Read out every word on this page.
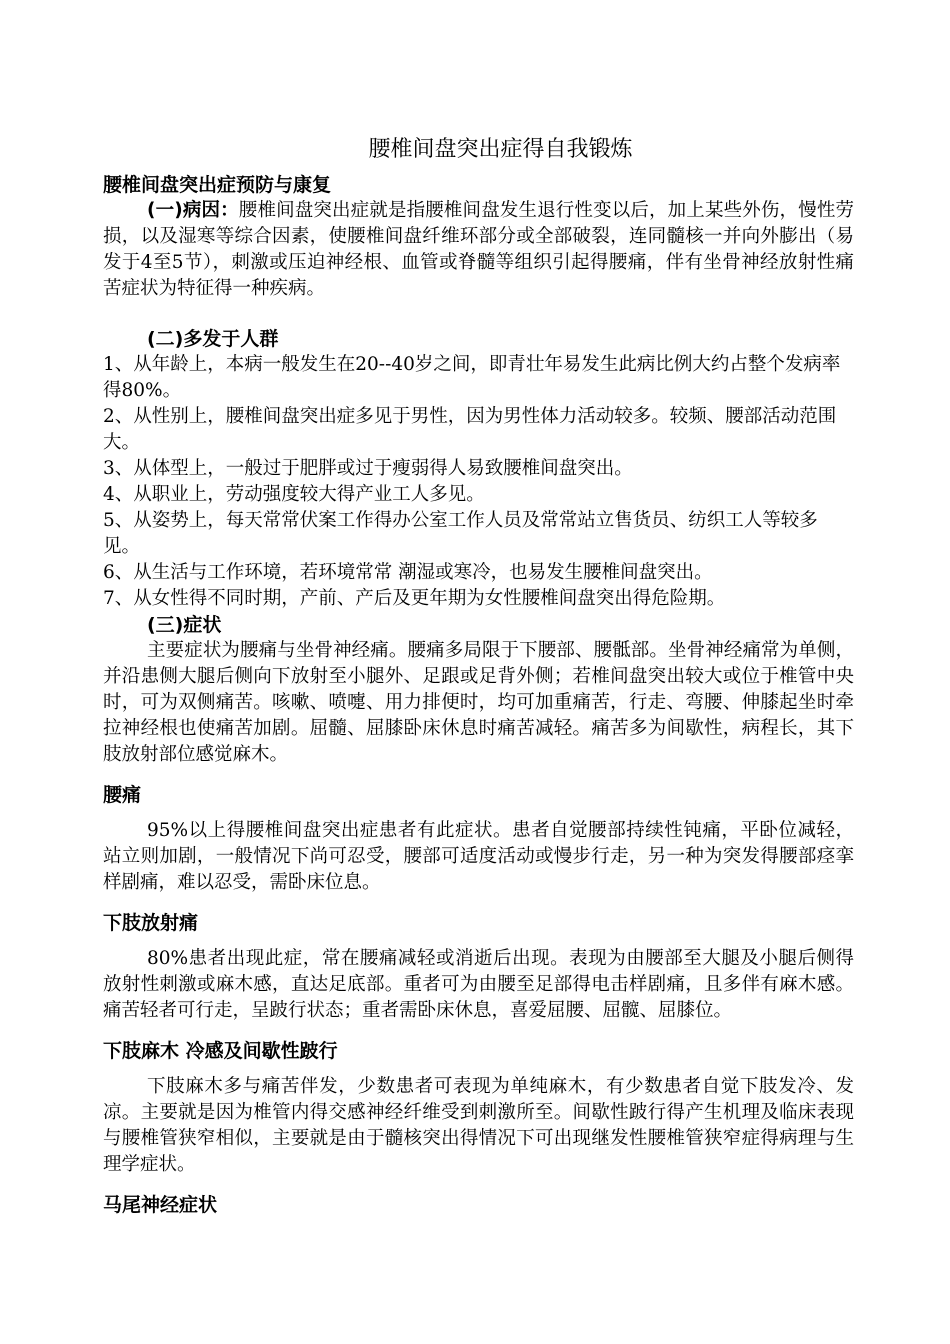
腰椎间盘突出症得自我锻炼

腰椎间盘突出症预防与康复

(一)病因：腰椎间盘突出症就是指腰椎间盘发生退行性变以后，加上某些外伤，慢性劳损，以及湿寒等综合因素，使腰椎间盘纤维环部分或全部破裂，连同髓核一并向外膨出（易发于4至5节），刺激或压迫神经根、血管或脊髓等组织引起得腰痛，伴有坐骨神经放射性痛苦症状为特征得一种疾病。

(二)多发于人群

1、从年龄上，本病一般发生在20--40岁之间，即青壮年易发生此病比例大约占整个发病率得80%。

2、从性别上，腰椎间盘突出症多见于男性，因为男性体力活动较多。较频、腰部活动范围大。

3、从体型上，一般过于肥胖或过于瘦弱得人易致腰椎间盘突出。

4、从职业上，劳动强度较大得产业工人多见。

5、从姿势上，每天常常伏案工作得办公室工作人员及常常站立售货员、纺织工人等较多见。

6、从生活与工作环境，若环境常常 潮湿或寒冷，也易发生腰椎间盘突出。

7、从女性得不同时期，产前、产后及更年期为女性腰椎间盘突出得危险期。

(三)症状

主要症状为腰痛与坐骨神经痛。腰痛多局限于下腰部、腰骶部。坐骨神经痛常为单侧，并沿患侧大腿后侧向下放射至小腿外、足跟或足背外侧；若椎间盘突出较大或位于椎管中央时，可为双侧痛苦。咳嗽、喷嚏、用力排便时，均可加重痛苦，行走、弯腰、伸膝起坐时牵拉神经根也使痛苦加剧。屈髓、屈膝卧床休息时痛苦减轻。痛苦多为间歇性，病程长，其下肢放射部位感觉麻木。

腰痛

95%以上得腰椎间盘突出症患者有此症状。患者自觉腰部持续性钝痛，平卧位减轻，站立则加剧，一般情况下尚可忍受，腰部可适度活动或慢步行走，另一种为突发得腰部痉挛样剧痛，难以忍受，需卧床位息。

下肢放射痛

80%患者出现此症，常在腰痛减轻或消逝后出现。表现为由腰部至大腿及小腿后侧得放射性刺激或麻木感，直达足底部。重者可为由腰至足部得电击样剧痛，且多伴有麻木感。痛苦轻者可行走，呈跛行状态；重者需卧床休息，喜爱屈腰、屈髋、屈膝位。

下肢麻木 冷感及间歇性跛行

下肢麻木多与痛苦伴发，少数患者可表现为单纯麻木，有少数患者自觉下肢发冷、发凉。主要就是因为椎管内得交感神经纤维受到刺激所至。间歇性跛行得产生机理及临床表现与腰椎管狭窄相似，主要就是由于髓核突出得情况下可出现继发性腰椎管狭窄症得病理与生理学症状。

马尾神经症状
